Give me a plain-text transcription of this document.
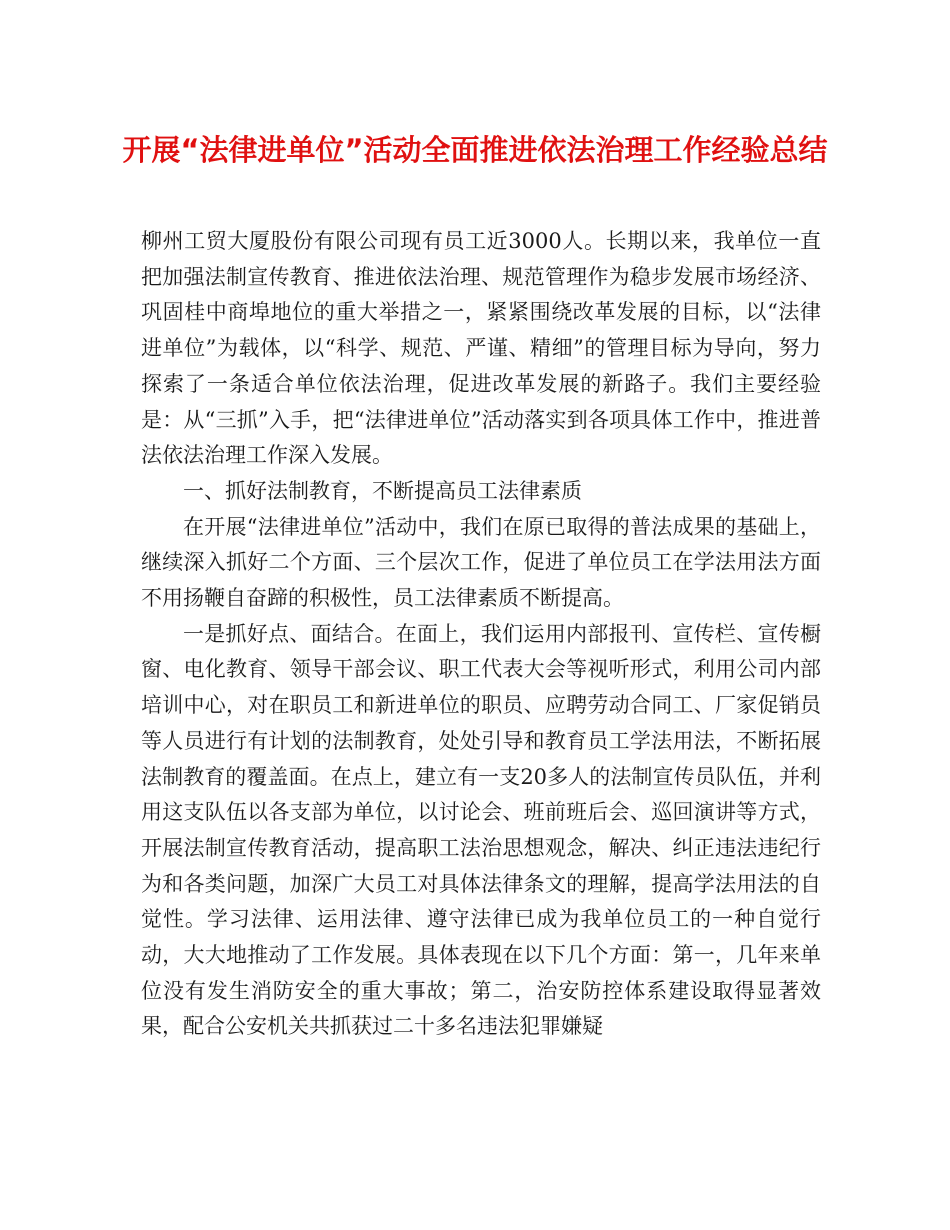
开展“法律进单位”活动全面推进依法治理工作经验总结

柳州工贸大厦股份有限公司现有员工近3000人。长期以来，我单位一直把加强法制宣传教育、推进依法治理、规范管理作为稳步发展市场经济、巩固桂中商埠地位的重大举措之一，紧紧围绕改革发展的目标，以“法律进单位”为载体，以“科学、规范、严谨、精细”的管理目标为导向，努力探索了一条适合单位依法治理，促进改革发展的新路子。我们主要经验是：从“三抓”入手，把“法律进单位”活动落实到各项具体工作中，推进普法依法治理工作深入发展。

一、抓好法制教育，不断提高员工法律素质

在开展“法律进单位”活动中，我们在原已取得的普法成果的基础上，继续深入抓好二个方面、三个层次工作，促进了单位员工在学法用法方面不用扬鞭自奋蹄的积极性，员工法律素质不断提高。

一是抓好点、面结合。在面上，我们运用内部报刊、宣传栏、宣传橱窗、电化教育、领导干部会议、职工代表大会等视听形式，利用公司内部培训中心，对在职员工和新进单位的职员、应聘劳动合同工、厂家促销员等人员进行有计划的法制教育，处处引导和教育员工学法用法，不断拓展法制教育的覆盖面。在点上，建立有一支20多人的法制宣传员队伍，并利用这支队伍以各支部为单位，以讨论会、班前班后会、巡回演讲等方式，开展法制宣传教育活动，提高职工法治思想观念，解决、纠正违法违纪行为和各类问题，加深广大员工对具体法律条文的理解，提高学法用法的自觉性。学习法律、运用法律、遵守法律已成为我单位员工的一种自觉行动，大大地推动了工作发展。具体表现在以下几个方面：第一，几年来单位没有发生消防安全的重大事故；第二，治安防控体系建设取得显著效果，配合公安机关共抓获过二十多名违法犯罪嫌疑
